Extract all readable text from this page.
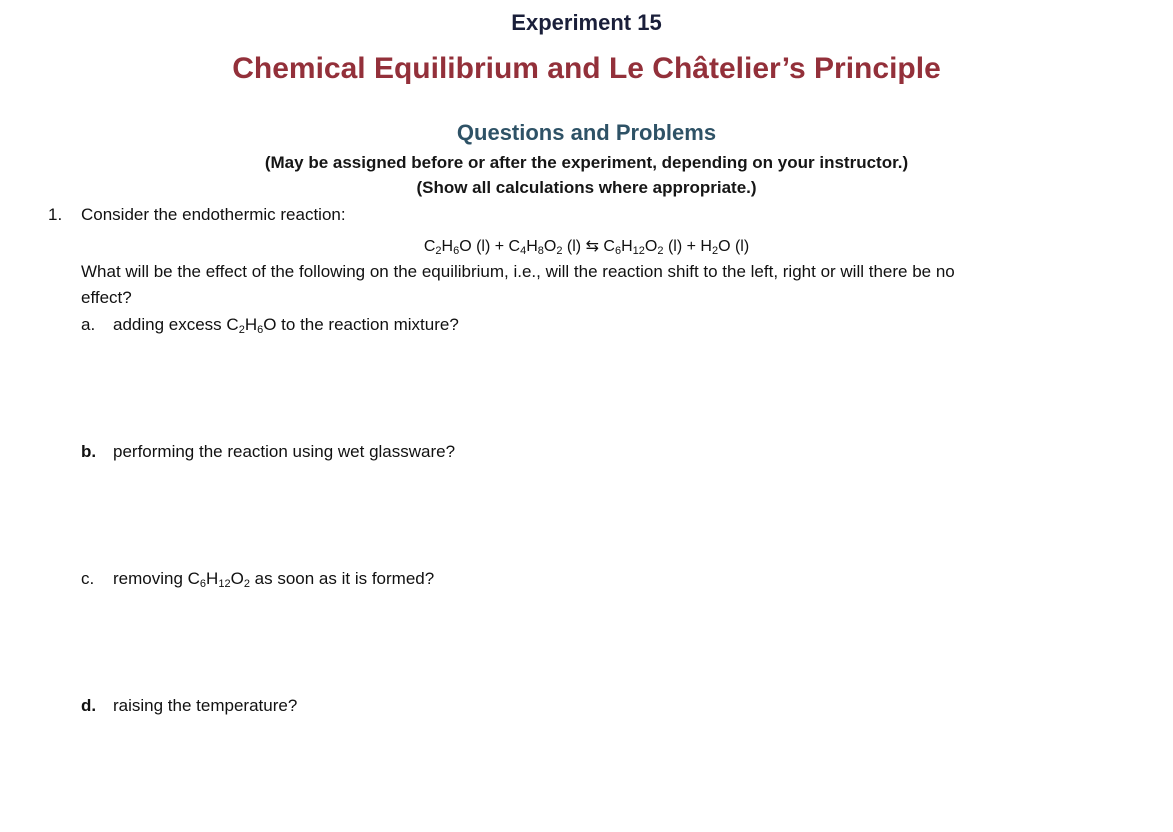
Experiment 15
Chemical Equilibrium and Le Châtelier’s Principle
Questions and Problems
(May be assigned before or after the experiment, depending on your instructor.)
(Show all calculations where appropriate.)
1. Consider the endothermic reaction:
$C_2H_6O$ $(l) + C_4H_8O_2$ (l) ⇆ $C_6H_{12}O_2$ $(l) + H_2O$ (l)
What will be the effect of the following on the equilibrium, i.e., will the reaction shift to the left, right or will there be no
effect?
a. adding excess $C_2H_6O$ to the reaction mixture?
b. performing the reaction using wet glassware?
c. removing $C_6H_{12}O_2$ as soon as it is formed?
d. raising the temperature?
